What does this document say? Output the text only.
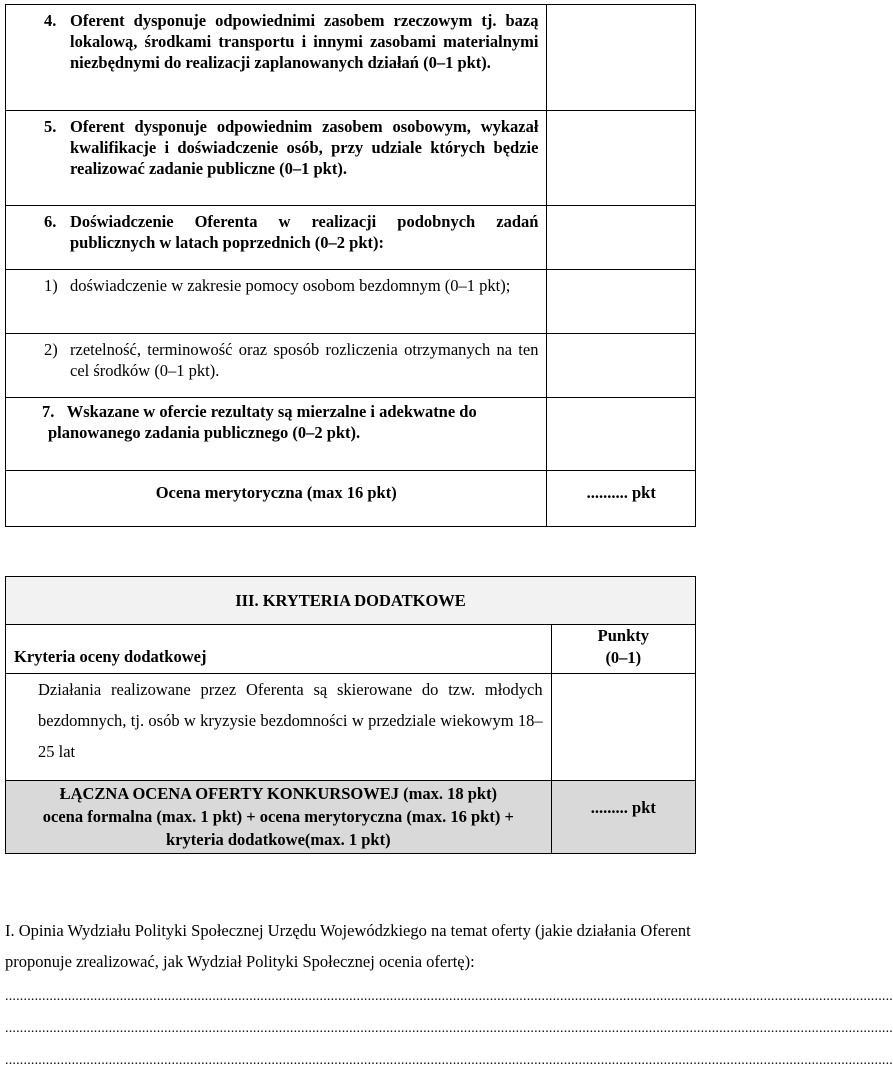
4. Oferent dysponuje odpowiednimi zasobem rzeczowym tj. bazą lokalową, środkami transportu i innymi zasobami materialnymi niezbędnymi do realizacji zaplanowanych działań (0–1 pkt).	

5. Oferent dysponuje odpowiednim zasobem osobowym, wykazał kwalifikacje i doświadczenie osób, przy udziale których będzie realizować zadanie publiczne (0–1 pkt).	

6. Doświadczenie Oferenta w realizacji podobnych zadań publicznych w latach poprzednich (0–2 pkt):	

1) doświadczenie w zakresie pomocy osobom bezdomnym (0–1 pkt);	

2) rzetelność, terminowość oraz sposób rozliczenia otrzymanych na ten cel środków (0–1 pkt).	

7. Wskazane w ofercie rezultaty są mierzalne i adekwatne do planowanego zadania publicznego (0–2 pkt).	

Ocena merytoryczna (max 16 pkt)	.......... pkt
III. KRYTERIA DODATKOWE	
Kryteria oceny dodatkowej	Punkty
(0–1)

Działania realizowane przez Oferenta są skierowane do tzw. młodych bezdomnych, tj. osób w kryzysie bezdomności w przedziale wiekowym 18–25 lat	

ŁĄCZNA OCENA OFERTY KONKURSOWEJ (max. 18 pkt)
ocena formalna (max. 1 pkt) + ocena merytoryczna (max. 16 pkt) +
kryteria dodatkowe(max. 1 pkt)	......... pkt
I. Opinia Wydziału Polityki Społecznej Urzędu Wojewódzkiego na temat oferty (jakie działania Oferent proponuje zrealizować, jak Wydział Polityki Społecznej ocenia ofertę):
................................................................................................................................................................................................................................................
................................................................................................................................................................................................................................................
................................................................................................................................................................................................................................................
